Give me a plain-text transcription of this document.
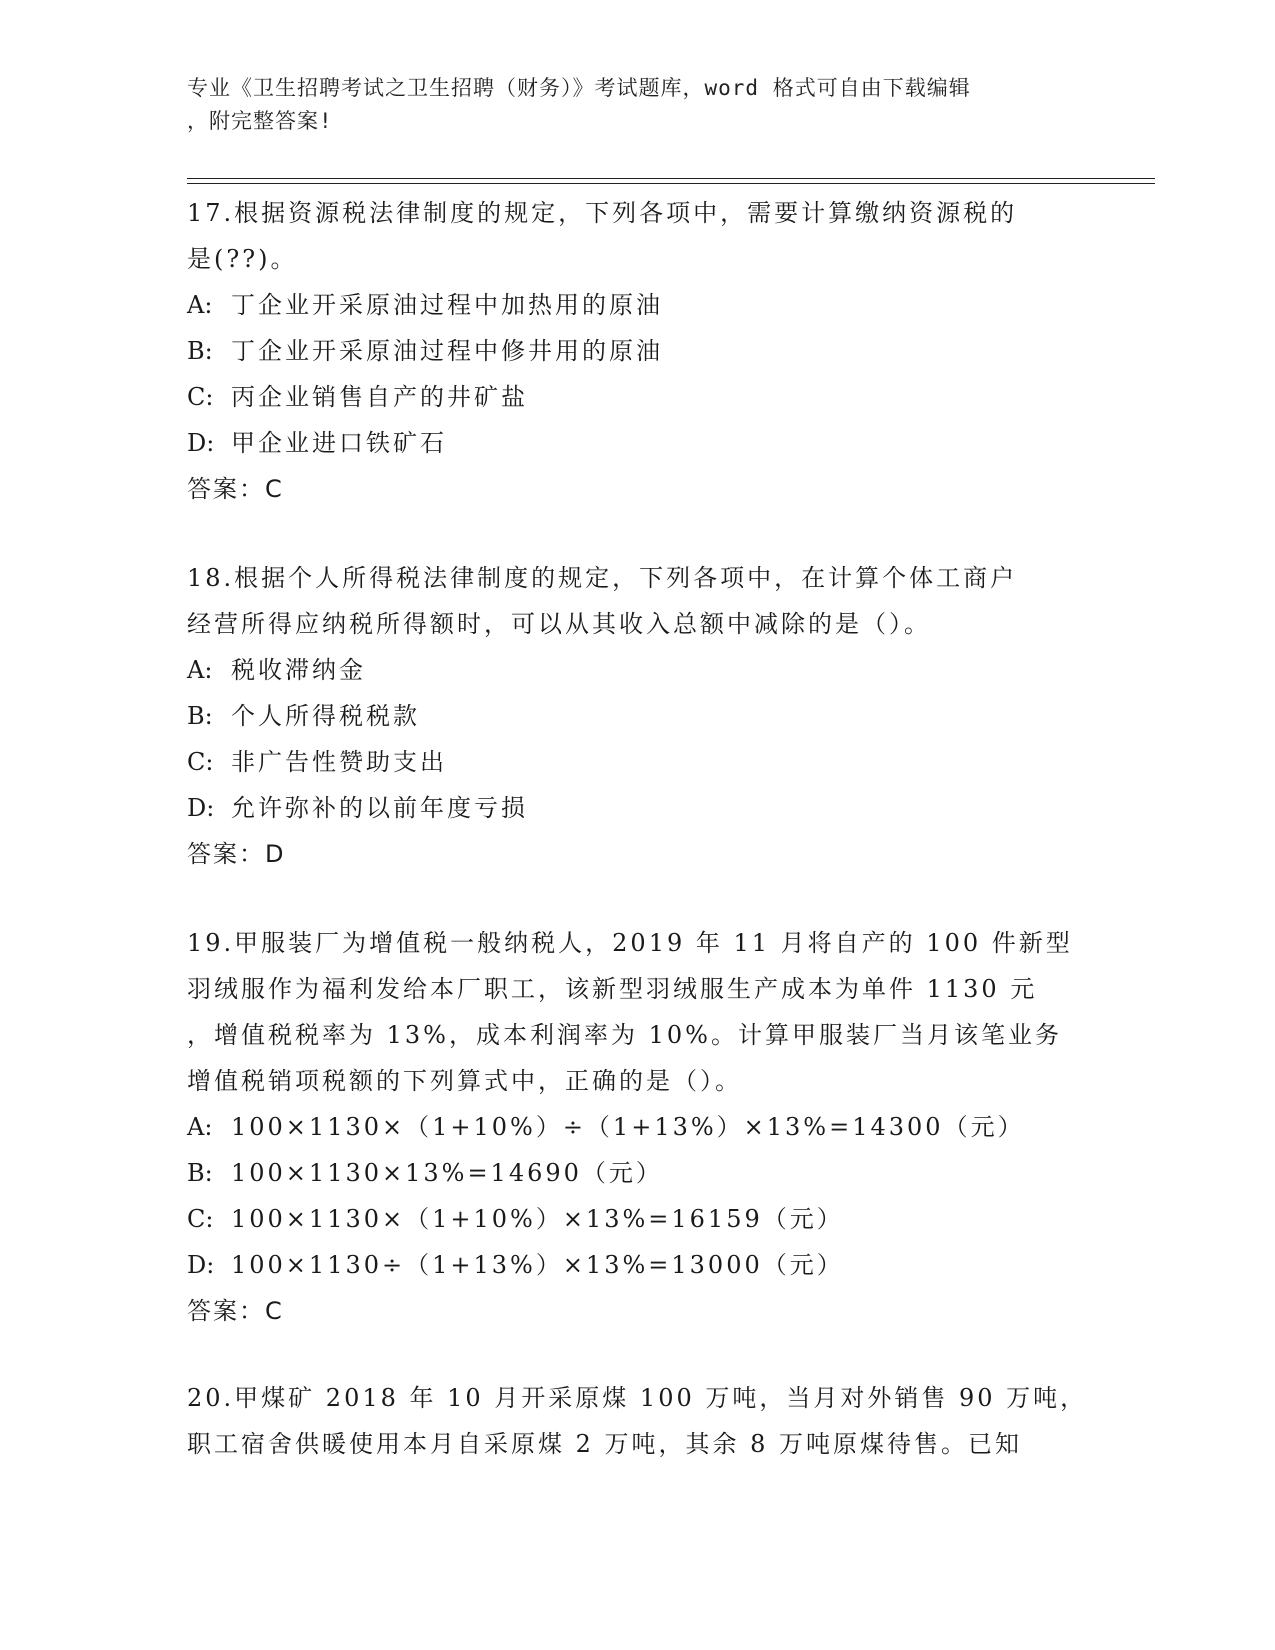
专业《卫生招聘考试之卫生招聘（财务）》考试题库，word 格式可自由下载编辑
，附完整答案!
17.根据资源税法律制度的规定，下列各项中，需要计算缴纳资源税的
是(??)。
A: 丁企业开采原油过程中加热用的原油
B: 丁企业开采原油过程中修井用的原油
C: 丙企业销售自产的井矿盐
D: 甲企业进口铁矿石
答案：C
18.根据个人所得税法律制度的规定，下列各项中，在计算个体工商户
经营所得应纳税所得额时，可以从其收入总额中减除的是（）。
A: 税收滞纳金
B: 个人所得税税款
C: 非广告性赞助支出
D: 允许弥补的以前年度亏损
答案：D
19.甲服装厂为增值税一般纳税人，2019 年 11 月将自产的 100 件新型
羽绒服作为福利发给本厂职工，该新型羽绒服生产成本为单件 1130 元
，增值税税率为 13%，成本利润率为 10%。计算甲服装厂当月该笔业务
增值税销项税额的下列算式中，正确的是（）。
A: 100×1130×（1+10%）÷（1+13%）×13%=14300（元）
B: 100×1130×13%=14690（元）
C: 100×1130×（1+10%）×13%=16159（元）
D: 100×1130÷（1+13%）×13%=13000（元）
答案：C
20.甲煤矿 2018 年 10 月开采原煤 100 万吨，当月对外销售 90 万吨，
职工宿舍供暖使用本月自采原煤 2 万吨，其余 8 万吨原煤待售。已知
